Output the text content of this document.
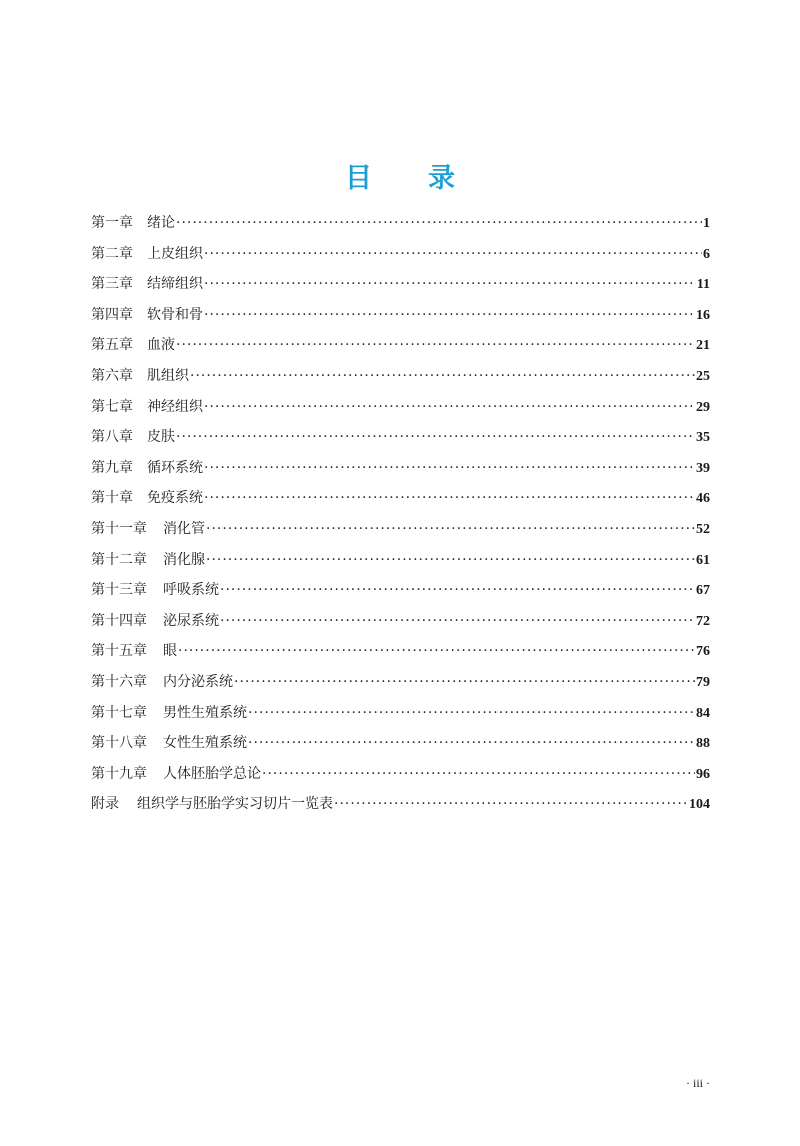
目 录
第一章 绪论 ·····	1
第二章 上皮组织 ·····	6
第三章 结缔组织 ·····	11
第四章 软骨和骨 ·····	16
第五章 血液 ·····	21
第六章 肌组织 ·····	25
第七章 神经组织 ·····	29
第八章 皮肤 ·····	35
第九章 循环系统 ·····	39
第十章 免疫系统 ·····	46
第十一章 消化管 ·····	52
第十二章 消化腺 ·····	61
第十三章 呼吸系统 ·····	67
第十四章 泌尿系统 ·····	72
第十五章 眼 ·····	76
第十六章 内分泌系统 ·····	79
第十七章 男性生殖系统 ·····	84
第十八章 女性生殖系统 ·····	88
第十九章 人体胚胎学总论 ·····	96
附录 组织学与胚胎学实习切片一览表 ·····	104
· iii ·
